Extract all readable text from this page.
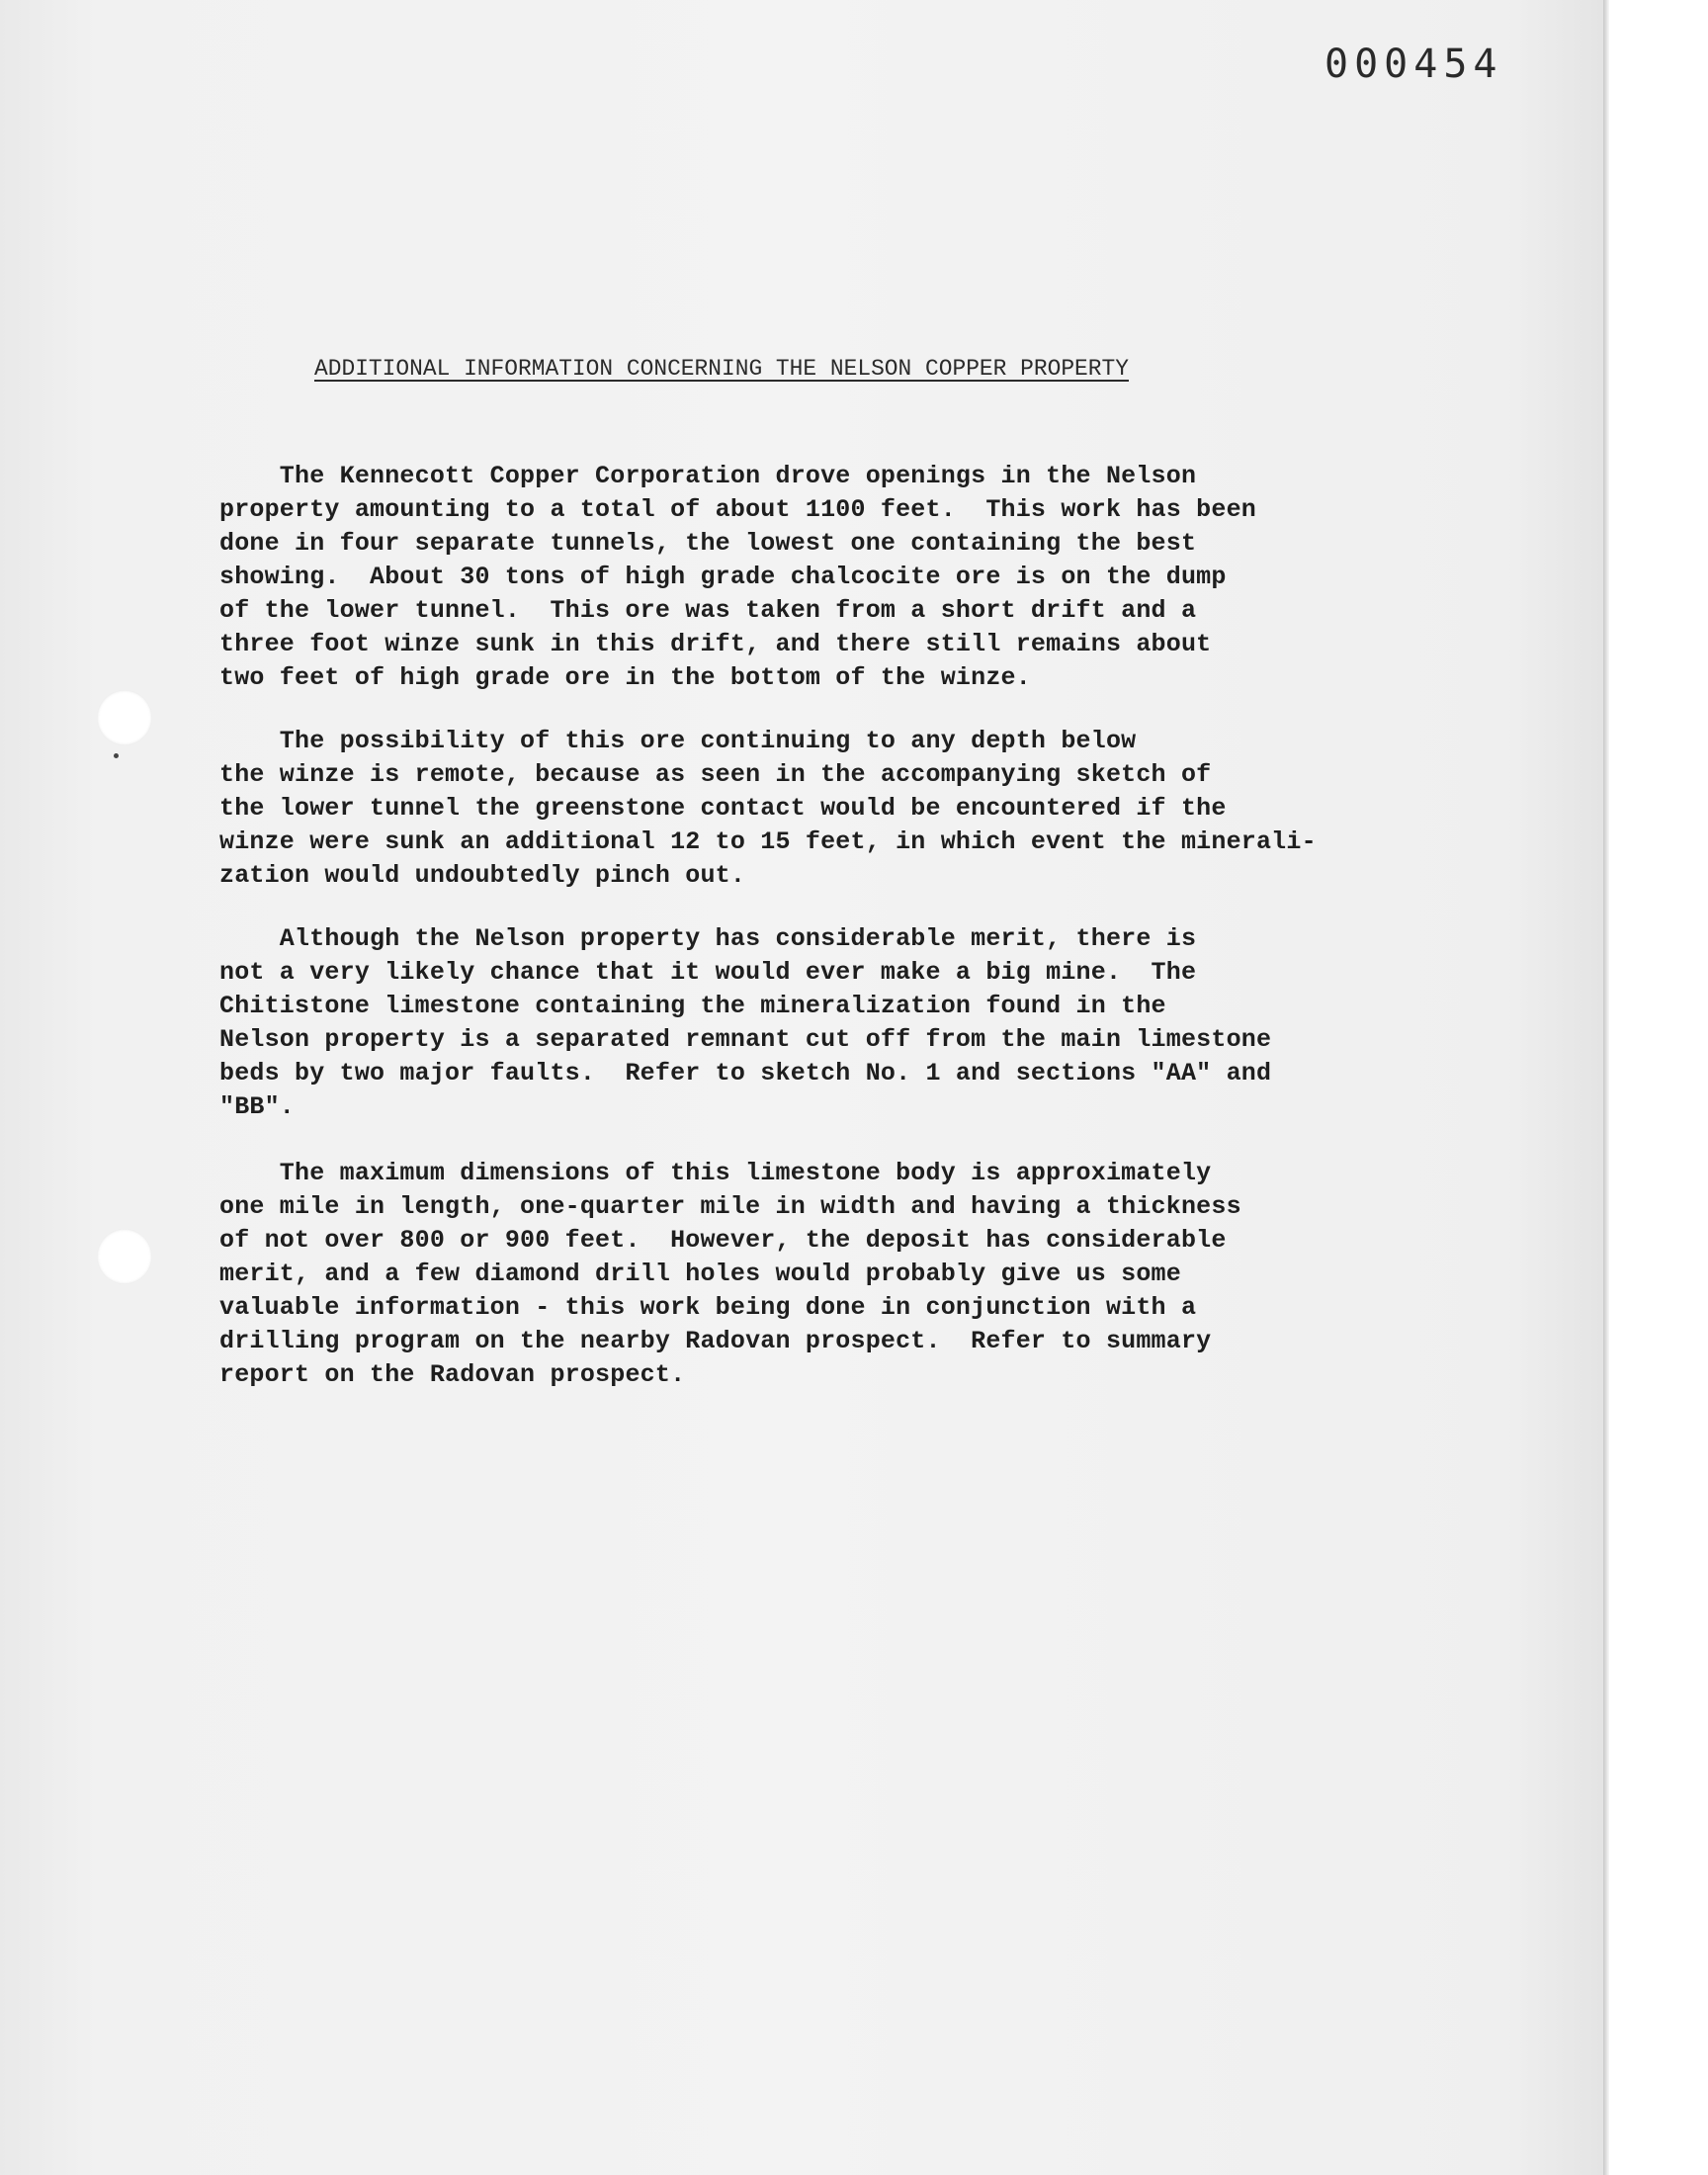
000454
ADDITIONAL INFORMATION CONCERNING THE NELSON COPPER PROPERTY

The Kennecott Copper Corporation drove openings in the Nelson
property amounting to a total of about 1100 feet.  This work has been
done in four separate tunnels, the lowest one containing the best
showing.  About 30 tons of high grade chalcocite ore is on the dump
of the lower tunnel.  This ore was taken from a short drift and a
three foot winze sunk in this drift, and there still remains about
two feet of high grade ore in the bottom of the winze.

The possibility of this ore continuing to any depth below
the winze is remote, because as seen in the accompanying sketch of
the lower tunnel the greenstone contact would be encountered if the
winze were sunk an additional 12 to 15 feet, in which event the minerali-
zation would undoubtedly pinch out.

Although the Nelson property has considerable merit, there is
not a very likely chance that it would ever make a big mine.  The
Chitistone limestone containing the mineralization found in the
Nelson property is a separated remnant cut off from the main limestone
beds by two major faults.  Refer to sketch No. 1 and sections "AA" and
"BB".

The maximum dimensions of this limestone body is approximately
one mile in length, one-quarter mile in width and having a thickness
of not over 800 or 900 feet.  However, the deposit has considerable
merit, and a few diamond drill holes would probably give us some
valuable information - this work being done in conjunction with a
drilling program on the nearby Radovan prospect.  Refer to summary
report on the Radovan prospect.
